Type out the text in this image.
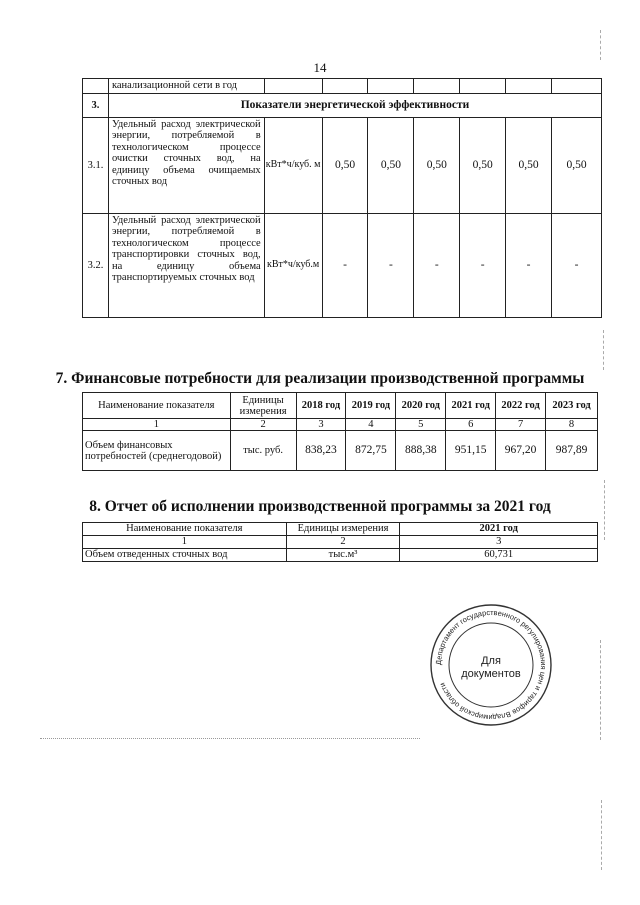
14
	канализационной сети в год							
3.	Показатели энергетической эффективности							
3.1.	Удельный расход электрической энергии, потребляемой в технологическом процессе очистки сточных вод, на единицу объема очищаемых сточных вод	кВт*ч/куб. м	0,50	0,50	0,50	0,50	0,50	0,50
3.2.	Удельный расход электрической энергии, потребляемой в технологическом процессе транспортировки сточных вод, на единицу объема транспортируемых сточных вод	кВт*ч/куб.м	-	-	-	-	-	-
7. Финансовые потребности для реализации производственной программы
Наименование показателя	Единицы измерения	2018 год	2019 год	2020 год	2021 год	2022 год	2023 год
1	2	3	4	5	6	7	8
Объем финансовых потребностей (среднегодовой)	тыс. руб.	838,23	872,75	888,38	951,15	967,20	987,89
8. Отчет об исполнении производственной программы за 2021 год
Наименование показателя	Единицы измерения	2021 год
1	2	3
Объем отведенных сточных вод	тыс.м³	60,731
Департамент государственного регулирования цен и тарифов Владимирской области
Для
документов
